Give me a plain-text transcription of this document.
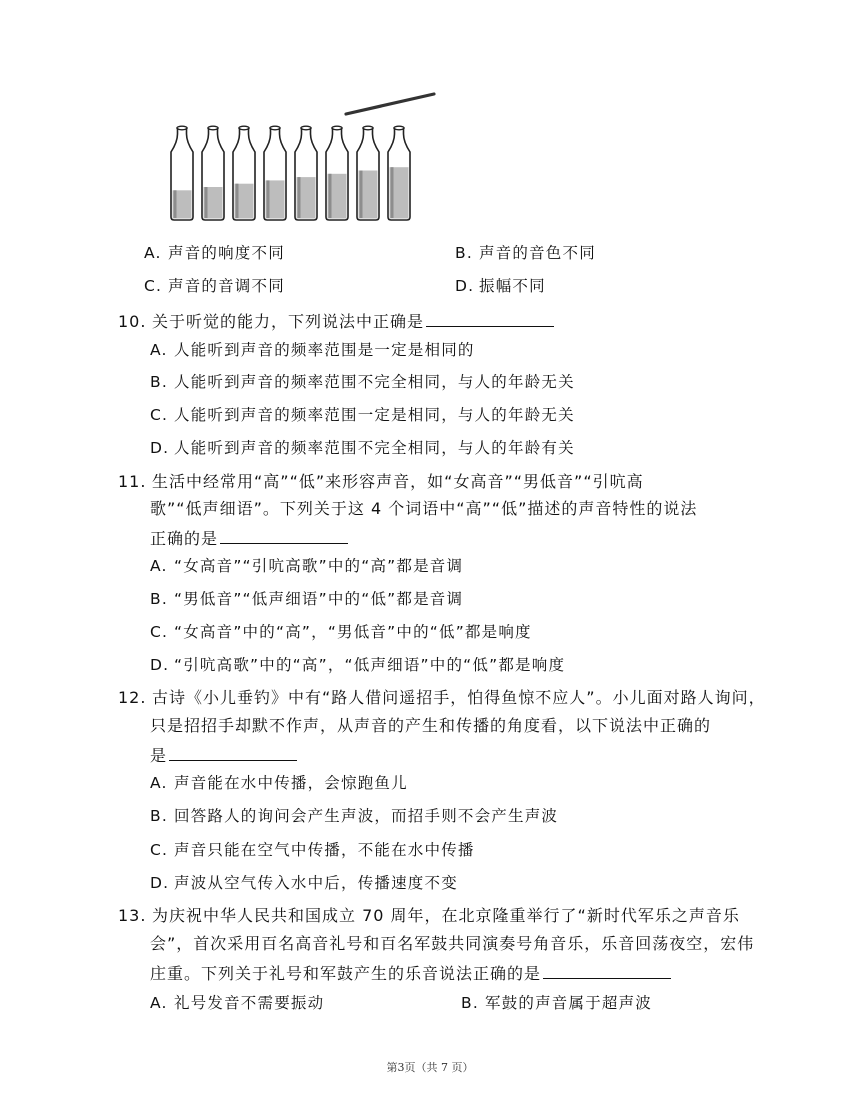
A. 声音的响度不同	B. 声音的音色不同
C. 声音的音调不同	D. 振幅不同
10. 关于听觉的能力，下列说法中正确是
A. 人能听到声音的频率范围是一定是相同的
B. 人能听到声音的频率范围不完全相同，与人的年龄无关
C. 人能听到声音的频率范围一定是相同，与人的年龄无关
D. 人能听到声音的频率范围不完全相同，与人的年龄有关
11. 生活中经常用“高”“低”来形容声音，如“女高音”“男低音”“引吭高
歌”“低声细语”。下列关于这 4 个词语中“高”“低”描述的声音特性的说法
正确的是
A. “女高音”“引吭高歌”中的“高”都是音调
B. “男低音”“低声细语”中的“低”都是音调
C. “女高音”中的“高”，“男低音”中的“低”都是响度
D. “引吭高歌”中的“高”，“低声细语”中的“低”都是响度
12. 古诗《小儿垂钓》中有“路人借问遥招手，怕得鱼惊不应人”。小儿面对路人询问，
只是招招手却默不作声，从声音的产生和传播的角度看，以下说法中正确的
是
A. 声音能在水中传播，会惊跑鱼儿
B. 回答路人的询问会产生声波，而招手则不会产生声波
C. 声音只能在空气中传播，不能在水中传播
D. 声波从空气传入水中后，传播速度不变
13. 为庆祝中华人民共和国成立 70 周年，在北京隆重举行了“新时代军乐之声音乐
会”，首次采用百名高音礼号和百名军鼓共同演奏号角音乐，乐音回荡夜空，宏伟
庄重。下列关于礼号和军鼓产生的乐音说法正确的是
A. 礼号发音不需要振动	B. 军鼓的声音属于超声波
第3页（共 7 页）
